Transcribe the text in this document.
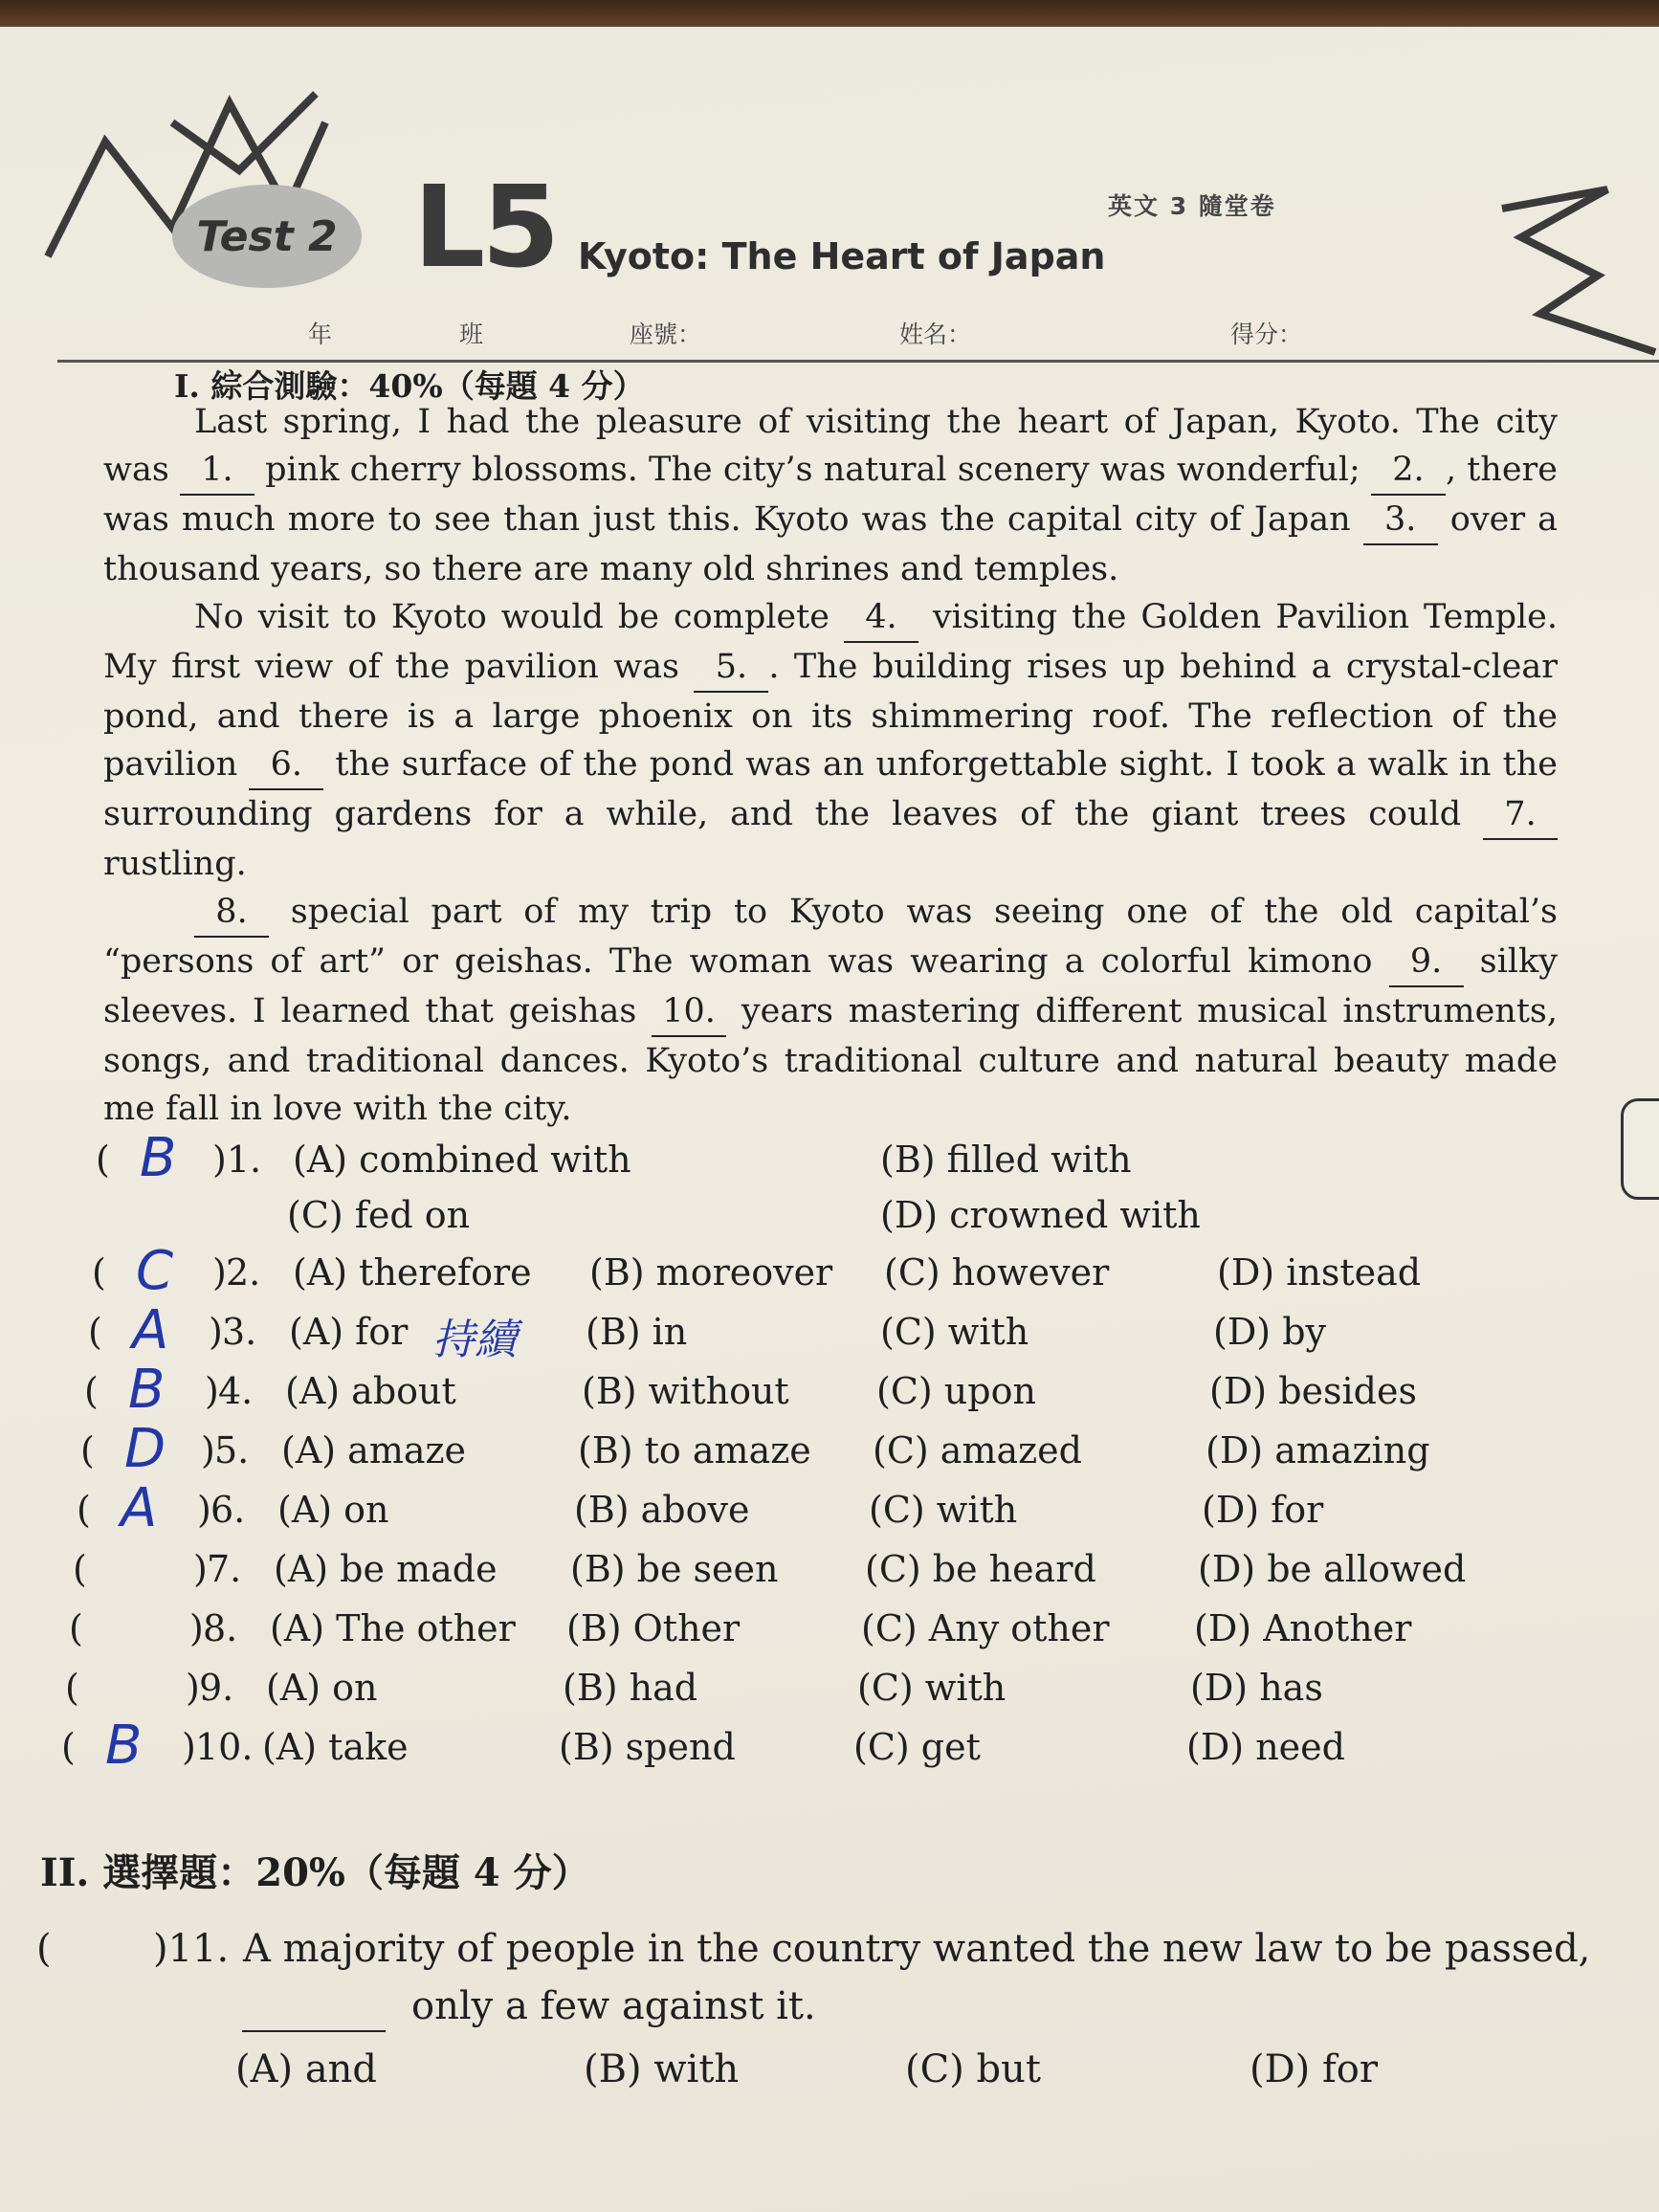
Test 2 L5 Kyoto: The Heart of Japan
英文 3 隨堂卷
年	班	座號：	姓名：	得分：
I. 綜合測驗：40%（每題 4 分）

Last spring, I had the pleasure of visiting the heart of Japan, Kyoto. The city was 1. pink cherry blossoms. The city’s natural scenery was wonderful; 2. , there was much more to see than just this. Kyoto was the capital city of Japan 3. over a thousand years, so there are many old shrines and temples.

No visit to Kyoto would be complete 4. visiting the Golden Pavilion Temple. My first view of the pavilion was 5. . The building rises up behind a crystal-clear pond, and there is a large phoenix on its shimmering roof. The reflection of the pavilion 6. the surface of the pond was an unforgettable sight. I took a walk in the surrounding gardens for a while, and the leaves of the giant trees could 7. rustling.

8. special part of my trip to Kyoto was seeing one of the old capital’s “persons of art” or geishas. The woman was wearing a colorful kimono 9. silky sleeves. I learned that geishas 10. years mastering different musical instruments, songs, and traditional dances. Kyoto’s traditional culture and natural beauty made me fall in love with the city.

( B )1. (A) combined with	(B) filled with
(C) fed on	(D) crowned with
( C ) 2. (A) therefore (B) moreover (C) however	(D) instead
( A ) 3. (A) for	(B) in	(C) with	(D) by
持續
( B ) 4. (A) about	(B) without (C) upon	(D) besides
( D ) 5. (A) amaze	(B) to amaze (C) amazed	(D) amazing
( A ) 6. (A) on	(B) above	(C) with	(D) for
(	) 7. (A) be made (B) be seen (C) be heard	(D) be allowed
(	) 8. (A) The other (B) Other	(C) Any other (D) Another
(	) 9. (A) on	(B) had	(C) with	(D) has
( B ) 10. (A) take	(B) spend	(C) get	(D) need
II. 選擇題：20%（每題 4 分）
(	)11. A majority of people in the country wanted the new law to be passed,
only a few against it.
(A) and	(B) with	(C) but	(D) for
